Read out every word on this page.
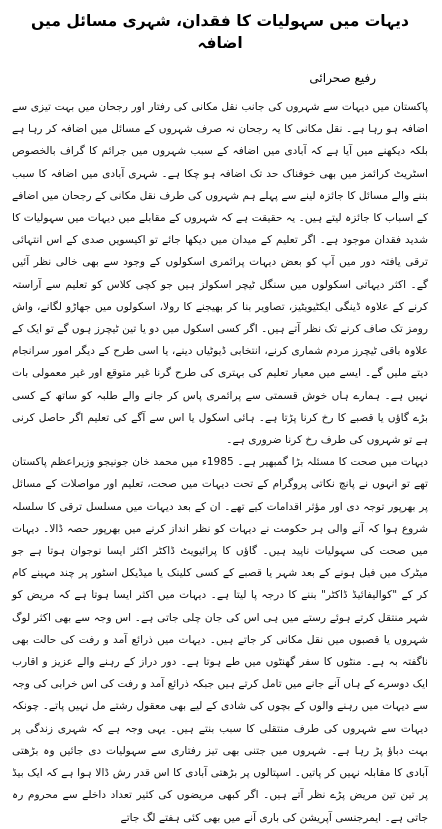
دیہات میں سہولیات کا فقدان، شہری مسائل میں اضافہ
رفیع صحرائی

پاکستان میں دیہات سے شہروں کی جانب نقل مکانی کی رفتار اور رجحان میں بہت تیزی سے اضافہ ہو رہا ہے۔ نقل مکانی کا یہ رجحان نہ صرف شہروں کے مسائل میں اضافہ کر رہا ہے بلکہ دیکھنے میں آیا ہے کہ آبادی میں اضافہ کے سبب شہروں میں جرائم کا گراف بالخصوص اسٹریٹ کرائمز میں بھی خوفناک حد تک اضافہ ہو چکا ہے۔ شہری آبادی میں اضافہ کا سبب بننے والے مسائل کا جائزہ لینے سے پہلے ہم شہروں کی طرف نقل مکانی کے رجحان میں اضافے کے اسباب کا جائزہ لیتے ہیں۔ یہ حقیقت ہے کہ شہروں کے مقابلے میں دیہات میں سہولیات کا شدید فقدان موجود ہے۔ اگر تعلیم کے میدان میں دیکھا جائے تو اکیسویں صدی کے اس انتہائی ترقی یافتہ دور میں آپ کو بعض دیہات پرائمری اسکولوں کے وجود سے بھی خالی نظر آئیں گے۔ اکثر دیہاتی اسکولوں میں سنگل ٹیچر اسکولز ہیں جو کچی کلاس کو تعلیم سے آراستہ کرنے کے علاوہ ڈینگی ایکٹیویٹیز، تصاویر بنا کر بھیجنے کا رولا، اسکولوں میں جھاڑو لگانے، واش رومز تک صاف کرنے تک نظر آتے ہیں۔ اگر کسی اسکول میں دو یا تین ٹیچرز ہوں گے تو ایک کے علاوہ باقی ٹیچرز مردم شماری کرنے، انتخابی ڈیوٹیاں دینے، یا اسی طرح کے دیگر امور سرانجام دیتے ملیں گے۔ ایسے میں معیار تعلیم کی بہتری کی طرح گرنا غیر متوقع اور غیر معمولی بات نہیں ہے۔ ہمارے ہاں خوش قسمتی سے پرائمری پاس کر جانے والے طلبہ کو ساتھ کے کسی بڑے گاؤں یا قصبے کا رخ کرنا پڑتا ہے۔ ہائی اسکول یا اس سے آگے کی تعلیم اگر حاصل کرنی ہے تو شہروں کی طرف رخ کرنا ضروری ہے۔

دیہات میں صحت کا مسئلہ بڑا گمبھیر ہے۔ 1985ء میں محمد خان جونیجو وزیراعظم پاکستان تھے تو انہوں نے پانچ نکاتی پروگرام کے تحت دیہات میں صحت، تعلیم اور مواصلات کے مسائل پر بھرپور توجہ دی اور مؤثر اقدامات کیے تھے۔ ان کے بعد دیہات میں مسلسل ترقی کا سلسلہ شروع ہوا کہ آنے والی ہر حکومت نے دیہات کو نظر انداز کرنے میں بھرپور حصہ ڈالا۔ دیہات میں صحت کی سہولیات ناپید ہیں۔ گاؤں کا پرائیویٹ ڈاکٹر اکثر ایسا نوجوان ہوتا ہے جو میٹرک میں فیل ہونے کے بعد شہر یا قصبے کے کسی کلینک یا میڈیکل اسٹور پر چند مہینے کام کر کے "کوالیفائیڈ ڈاکٹر" بننے کا درجہ پا لیتا ہے۔ دیہات میں اکثر ایسا ہوتا ہے کہ مریض کو شہر منتقل کرتے ہوئے رستے میں ہی اس کی جان چلی جاتی ہے۔ اس وجہ سے بھی اکثر لوگ شہروں یا قصبوں میں نقل مکانی کر جاتے ہیں۔ دیہات میں ذرائع آمد و رفت کی حالت بھی ناگفتہ بہ ہے۔ منٹوں کا سفر گھنٹوں میں طے ہوتا ہے۔ دور دراز کے رہنے والے عزیز و اقارب ایک دوسرے کے ہاں آنے جانے میں تامل کرتے ہیں جبکہ ذرائع آمد و رفت کی اس خرابی کی وجہ سے دیہات میں رہنے والوں کے بچوں کی شادی کے لیے بھی معقول رشتے مل نہیں پاتے۔ چونکہ دیہات سے شہروں کی طرف منتقلی کا سبب بنتے ہیں۔ یہی وجہ ہے کہ شہری زندگی پر بہت دباؤ پڑ رہا ہے۔ شہروں میں جتنی بھی تیز رفتاری سے سہولیات دی جائیں وہ بڑھتی آبادی کا مقابلہ نہیں کر پاتیں۔ اسپتالوں پر بڑھتی آبادی کا اس قدر رش ڈالا ہوا ہے کہ ایک بیڈ پر تین تین مریض پڑے نظر آتے ہیں۔ اگر کبھی مریضوں کی کثیر تعداد داخلے سے محروم رہ جاتی ہے۔ ایمرجنسی آپریشن کی باری آنے میں بھی کئی ہفتے لگ جاتے
